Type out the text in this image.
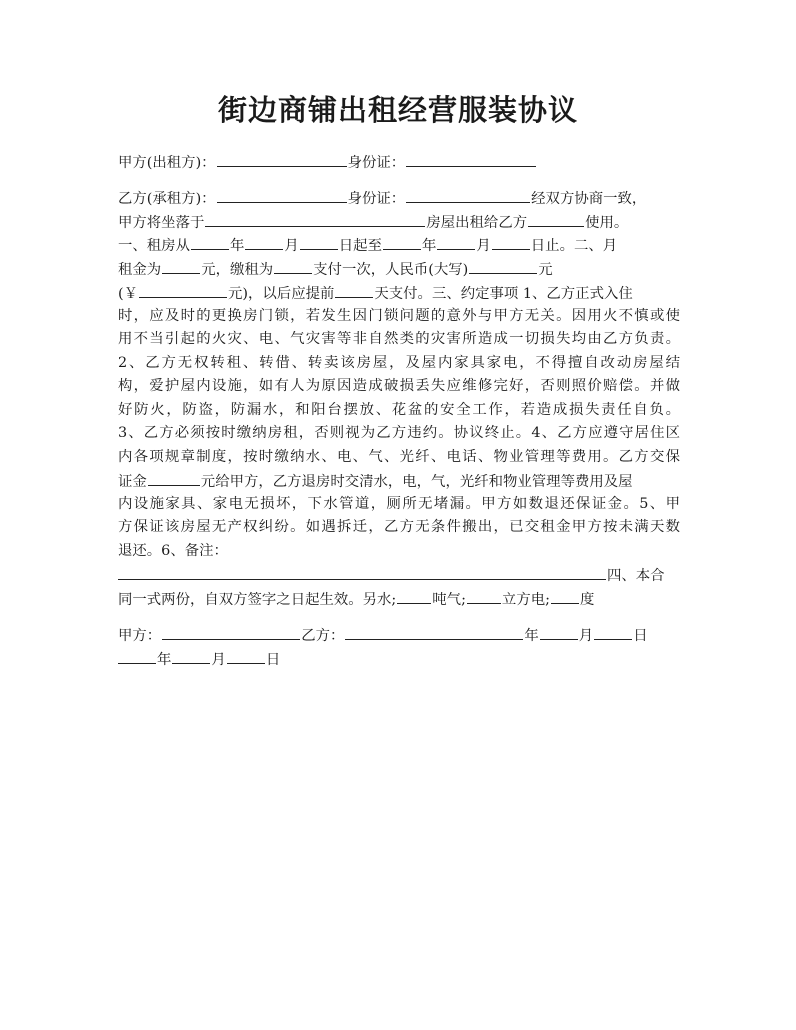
街边商铺出租经营服装协议
甲方(出租方)：	身份证：
乙方(承租方)：	身份证：	经双方协商一致，
甲方将坐落于	房屋出租给乙方	使用。
一、租房从	年	月	日起至	年	月	日止。二、月
租金为	元，缴租为	支付一次，人民币(大写)	元
(￥	元)，以后应提前	天支付。三、约定事项 1、乙方正式入住
时，应及时的更换房门锁，若发生因门锁问题的意外与甲方无关。因用火不慎或使
用不当引起的火灾、电、气灾害等非自然类的灾害所造成一切损失均由乙方负责。
2、乙方无权转租、转借、转卖该房屋，及屋内家具家电，不得擅自改动房屋结
构，爱护屋内设施，如有人为原因造成破损丢失应维修完好，否则照价赔偿。并做
好防火，防盗，防漏水，和阳台摆放、花盆的安全工作，若造成损失责任自负。
3、乙方必须按时缴纳房租，否则视为乙方违约。协议终止。4、乙方应遵守居住区
内各项规章制度，按时缴纳水、电、气、光纤、电话、物业管理等费用。乙方交保
证金	元给甲方，乙方退房时交清水，电，气，光纤和物业管理等费用及屋
内设施家具、家电无损坏，下水管道，厕所无堵漏。甲方如数退还保证金。5、甲
方保证该房屋无产权纠纷。如遇拆迁，乙方无条件搬出，已交租金甲方按未满天数
退还。6、备注：
四、本合
同一式两份，自双方签字之日起生效。另水;	吨气;	立方电; 度
甲方：	乙方：	年	月	日
年	月	日
